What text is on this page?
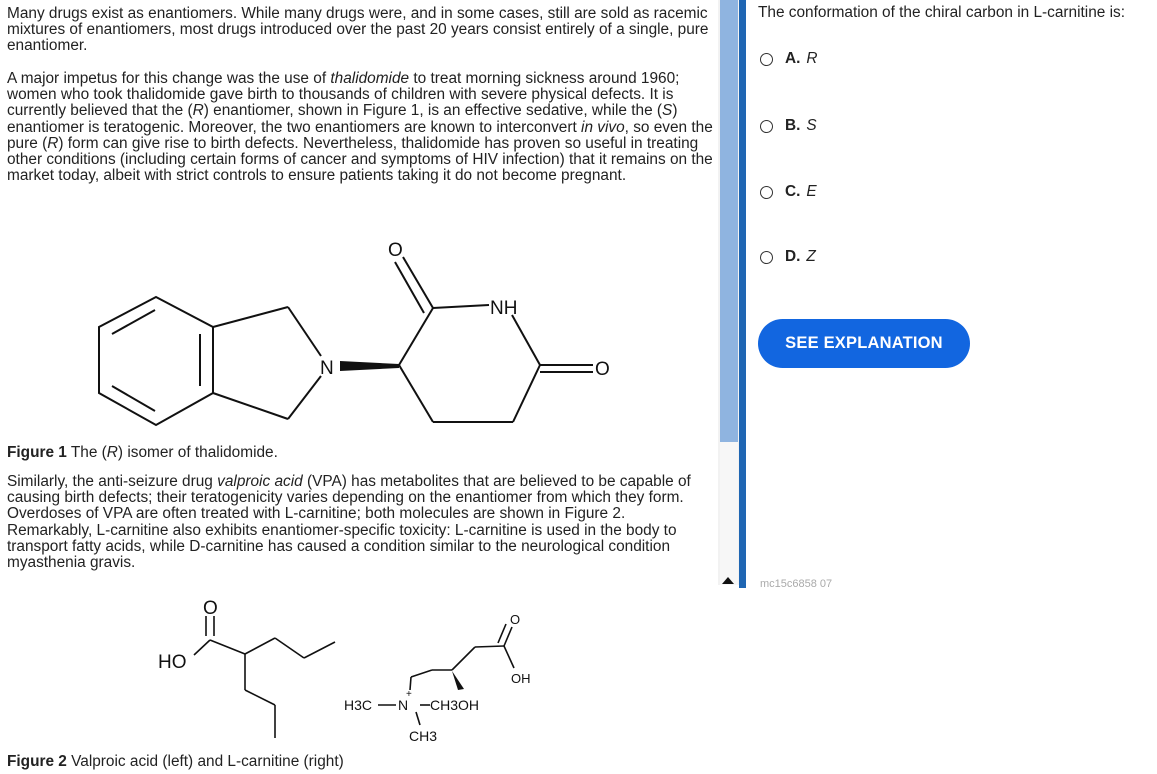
Many drugs exist as enantiomers. While many drugs were, and in some cases, still are sold as racemic mixtures of enantiomers, most drugs introduced over the past 20 years consist entirely of a single, pure enantiomer.

A major impetus for this change was the use of thalidomide to treat morning sickness around 1960; women who took thalidomide gave birth to thousands of children with severe physical defects. It is currently believed that the (R) enantiomer, shown in Figure 1, is an effective sedative, while the (S) enantiomer is teratogenic. Moreover, the two enantiomers are known to interconvert in vivo, so even the pure (R) form can give rise to birth defects. Nevertheless, thalidomide has proven so useful in treating other conditions (including certain forms of cancer and symptoms of HIV infection) that it remains on the market today, albeit with strict controls to ensure patients taking it do not become pregnant.

N
NH
O
O

Figure 1 The (R) isomer of thalidomide.

Similarly, the anti-seizure drug valproic acid (VPA) has metabolites that are believed to be capable of causing birth defects; their teratogenicity varies depending on the enantiomer from which they form. Overdoses of VPA are often treated with L-carnitine; both molecules are shown in Figure 2. Remarkably, L-carnitine also exhibits enantiomer-specific toxicity: L-carnitine is used in the body to transport fatty acids, while D-carnitine has caused a condition similar to the neurological condition myasthenia gravis.

HO
O
O
OH
H3C N
+
CH3OH
CH3

Figure 2 Valproic acid (left) and L-carnitine (right)

The conformation of the chiral carbon in L-carnitine is:

A. R
B. S
C. E
D. Z
SEE EXPLANATION
mc15c6858 07
